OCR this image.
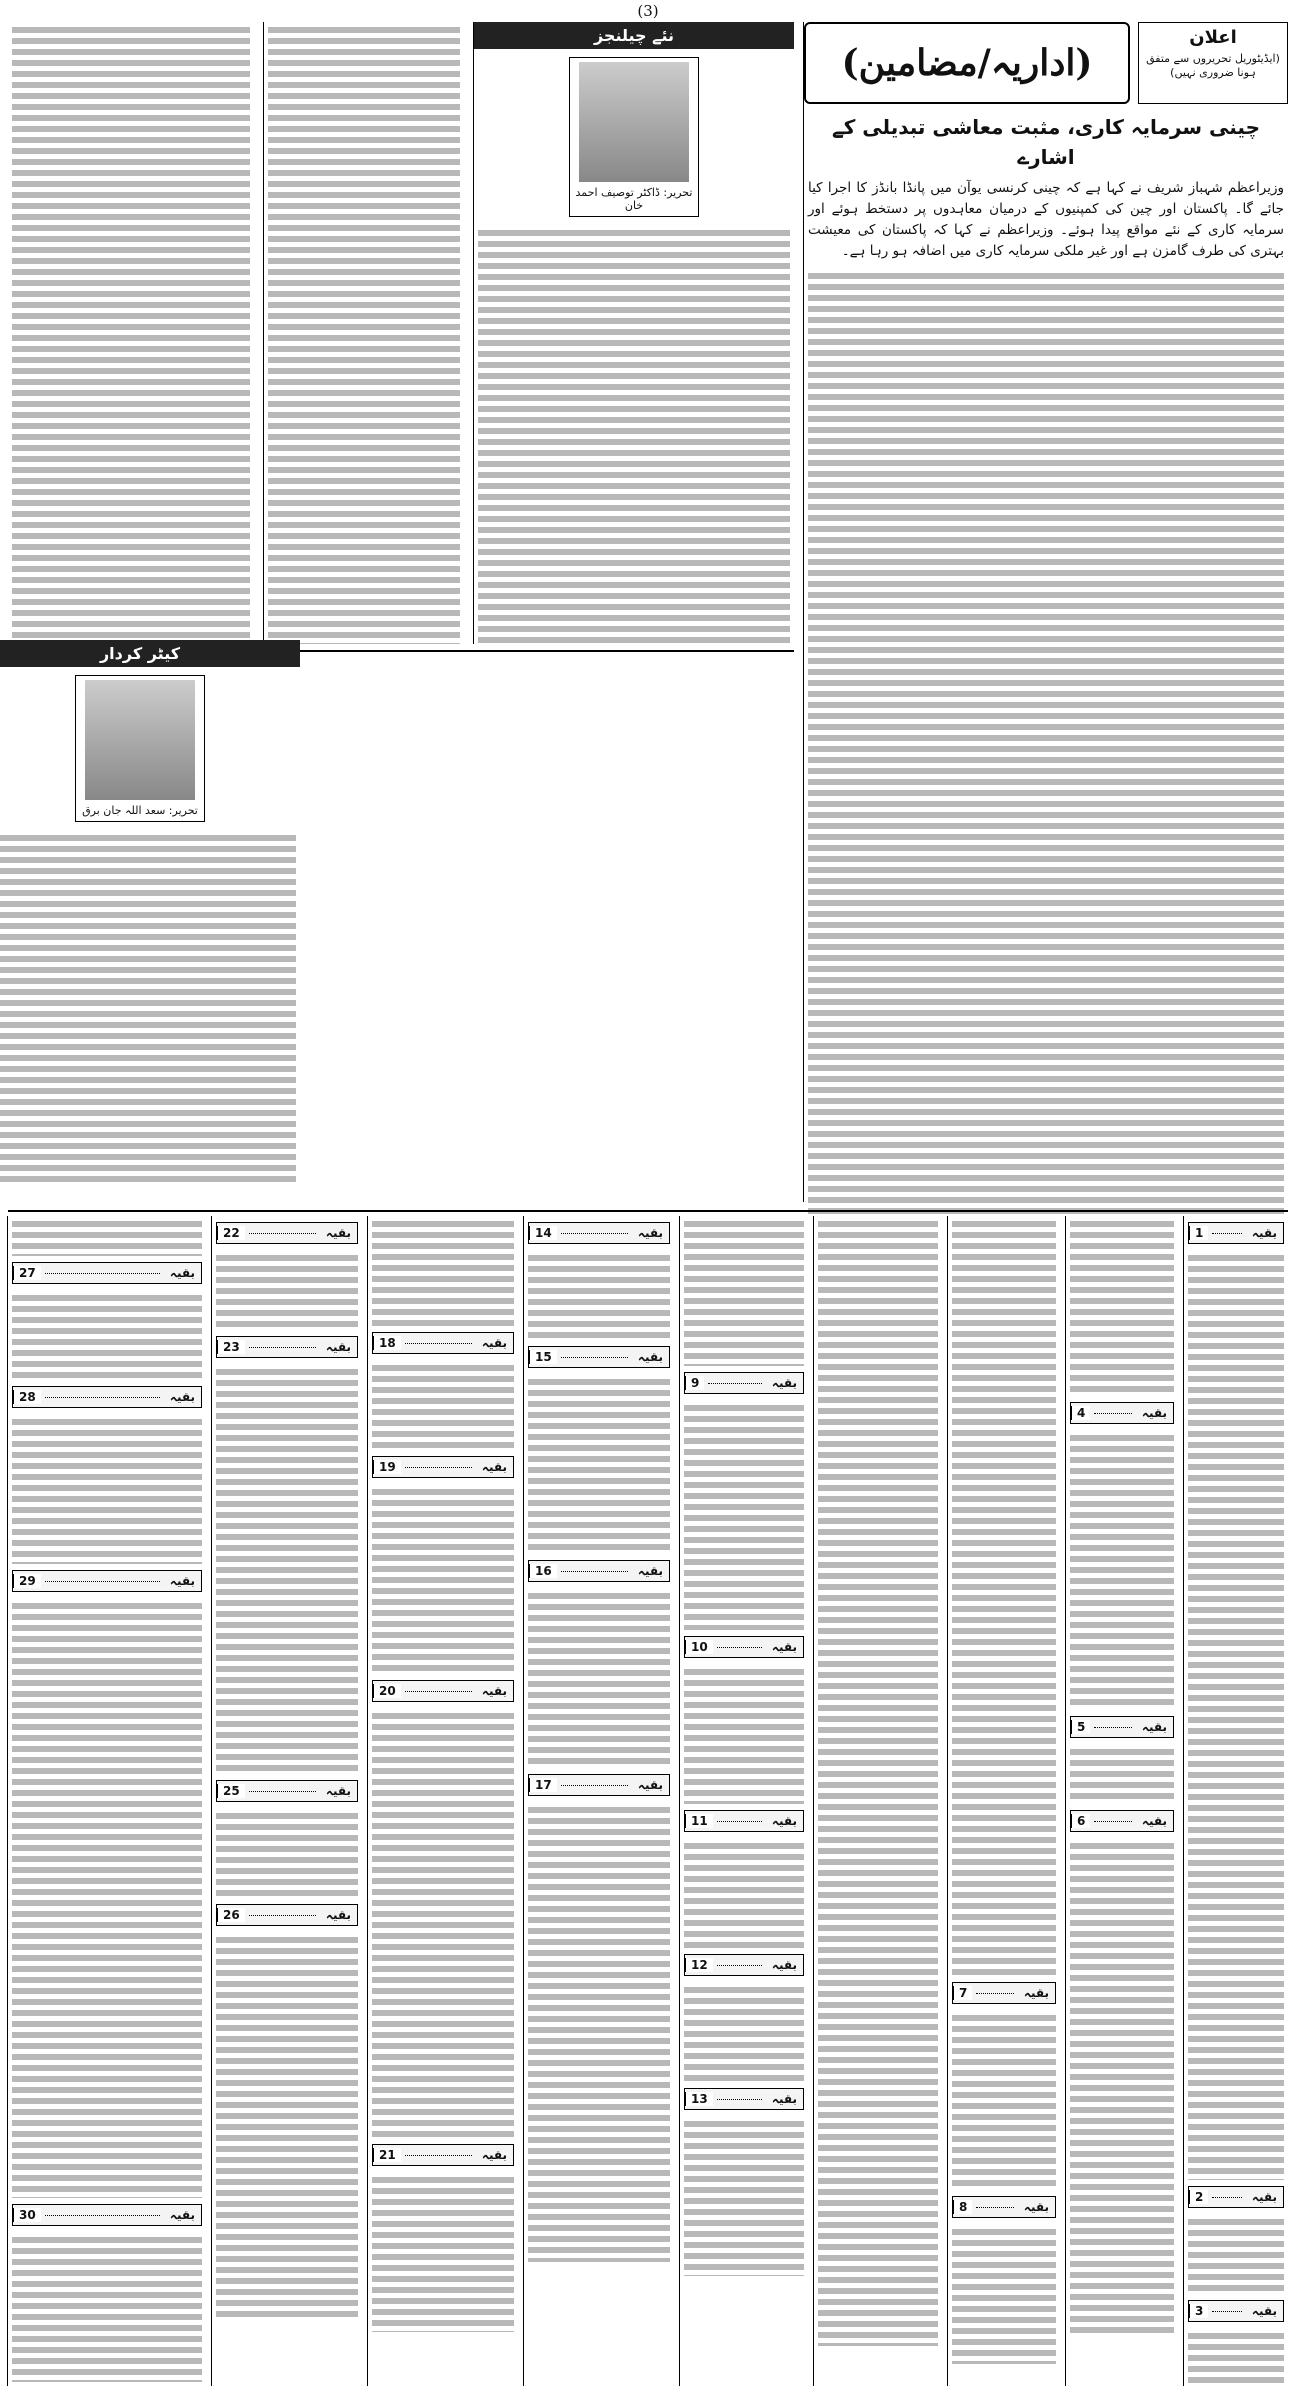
(3)
اعلان
(ایڈیٹوریل تحریروں سے متفق ہونا ضروری نہیں)
(اداریہ/مضامین)
چینی سرمایہ کاری، مثبت معاشی تبدیلی کے اشارے
وزیراعظم شہباز شریف نے کہا ہے کہ چینی کرنسی یوآن میں پانڈا بانڈز کا اجرا کیا جائے گا۔ پاکستان اور چین کی کمپنیوں کے درمیان معاہدوں پر دستخط ہوئے اور سرمایہ کاری کے نئے مواقع پیدا ہوئے۔ وزیراعظم نے کہا کہ پاکستان کی معیشت بہتری کی طرف گامزن ہے اور غیر ملکی سرمایہ کاری میں اضافہ ہو رہا ہے۔
نئے چیلنجز
تحریر: ڈاکٹر توصیف احمد خان
کیٹر کردار
تحریر: سعد اللہ جان برق
بقیہ
1
بقیہ
2
بقیہ
3
بقیہ
4
بقیہ
5
بقیہ
6
بقیہ
7
بقیہ
8
بقیہ
9
بقیہ
10
بقیہ
11
بقیہ
12
بقیہ
13
بقیہ
14
بقیہ
15
بقیہ
16
بقیہ
17
بقیہ
18
بقیہ
19
بقیہ
20
بقیہ
21
بقیہ
22
بقیہ
23
بقیہ
25
بقیہ
26
بقیہ
27
بقیہ
28
بقیہ
29
بقیہ
30
